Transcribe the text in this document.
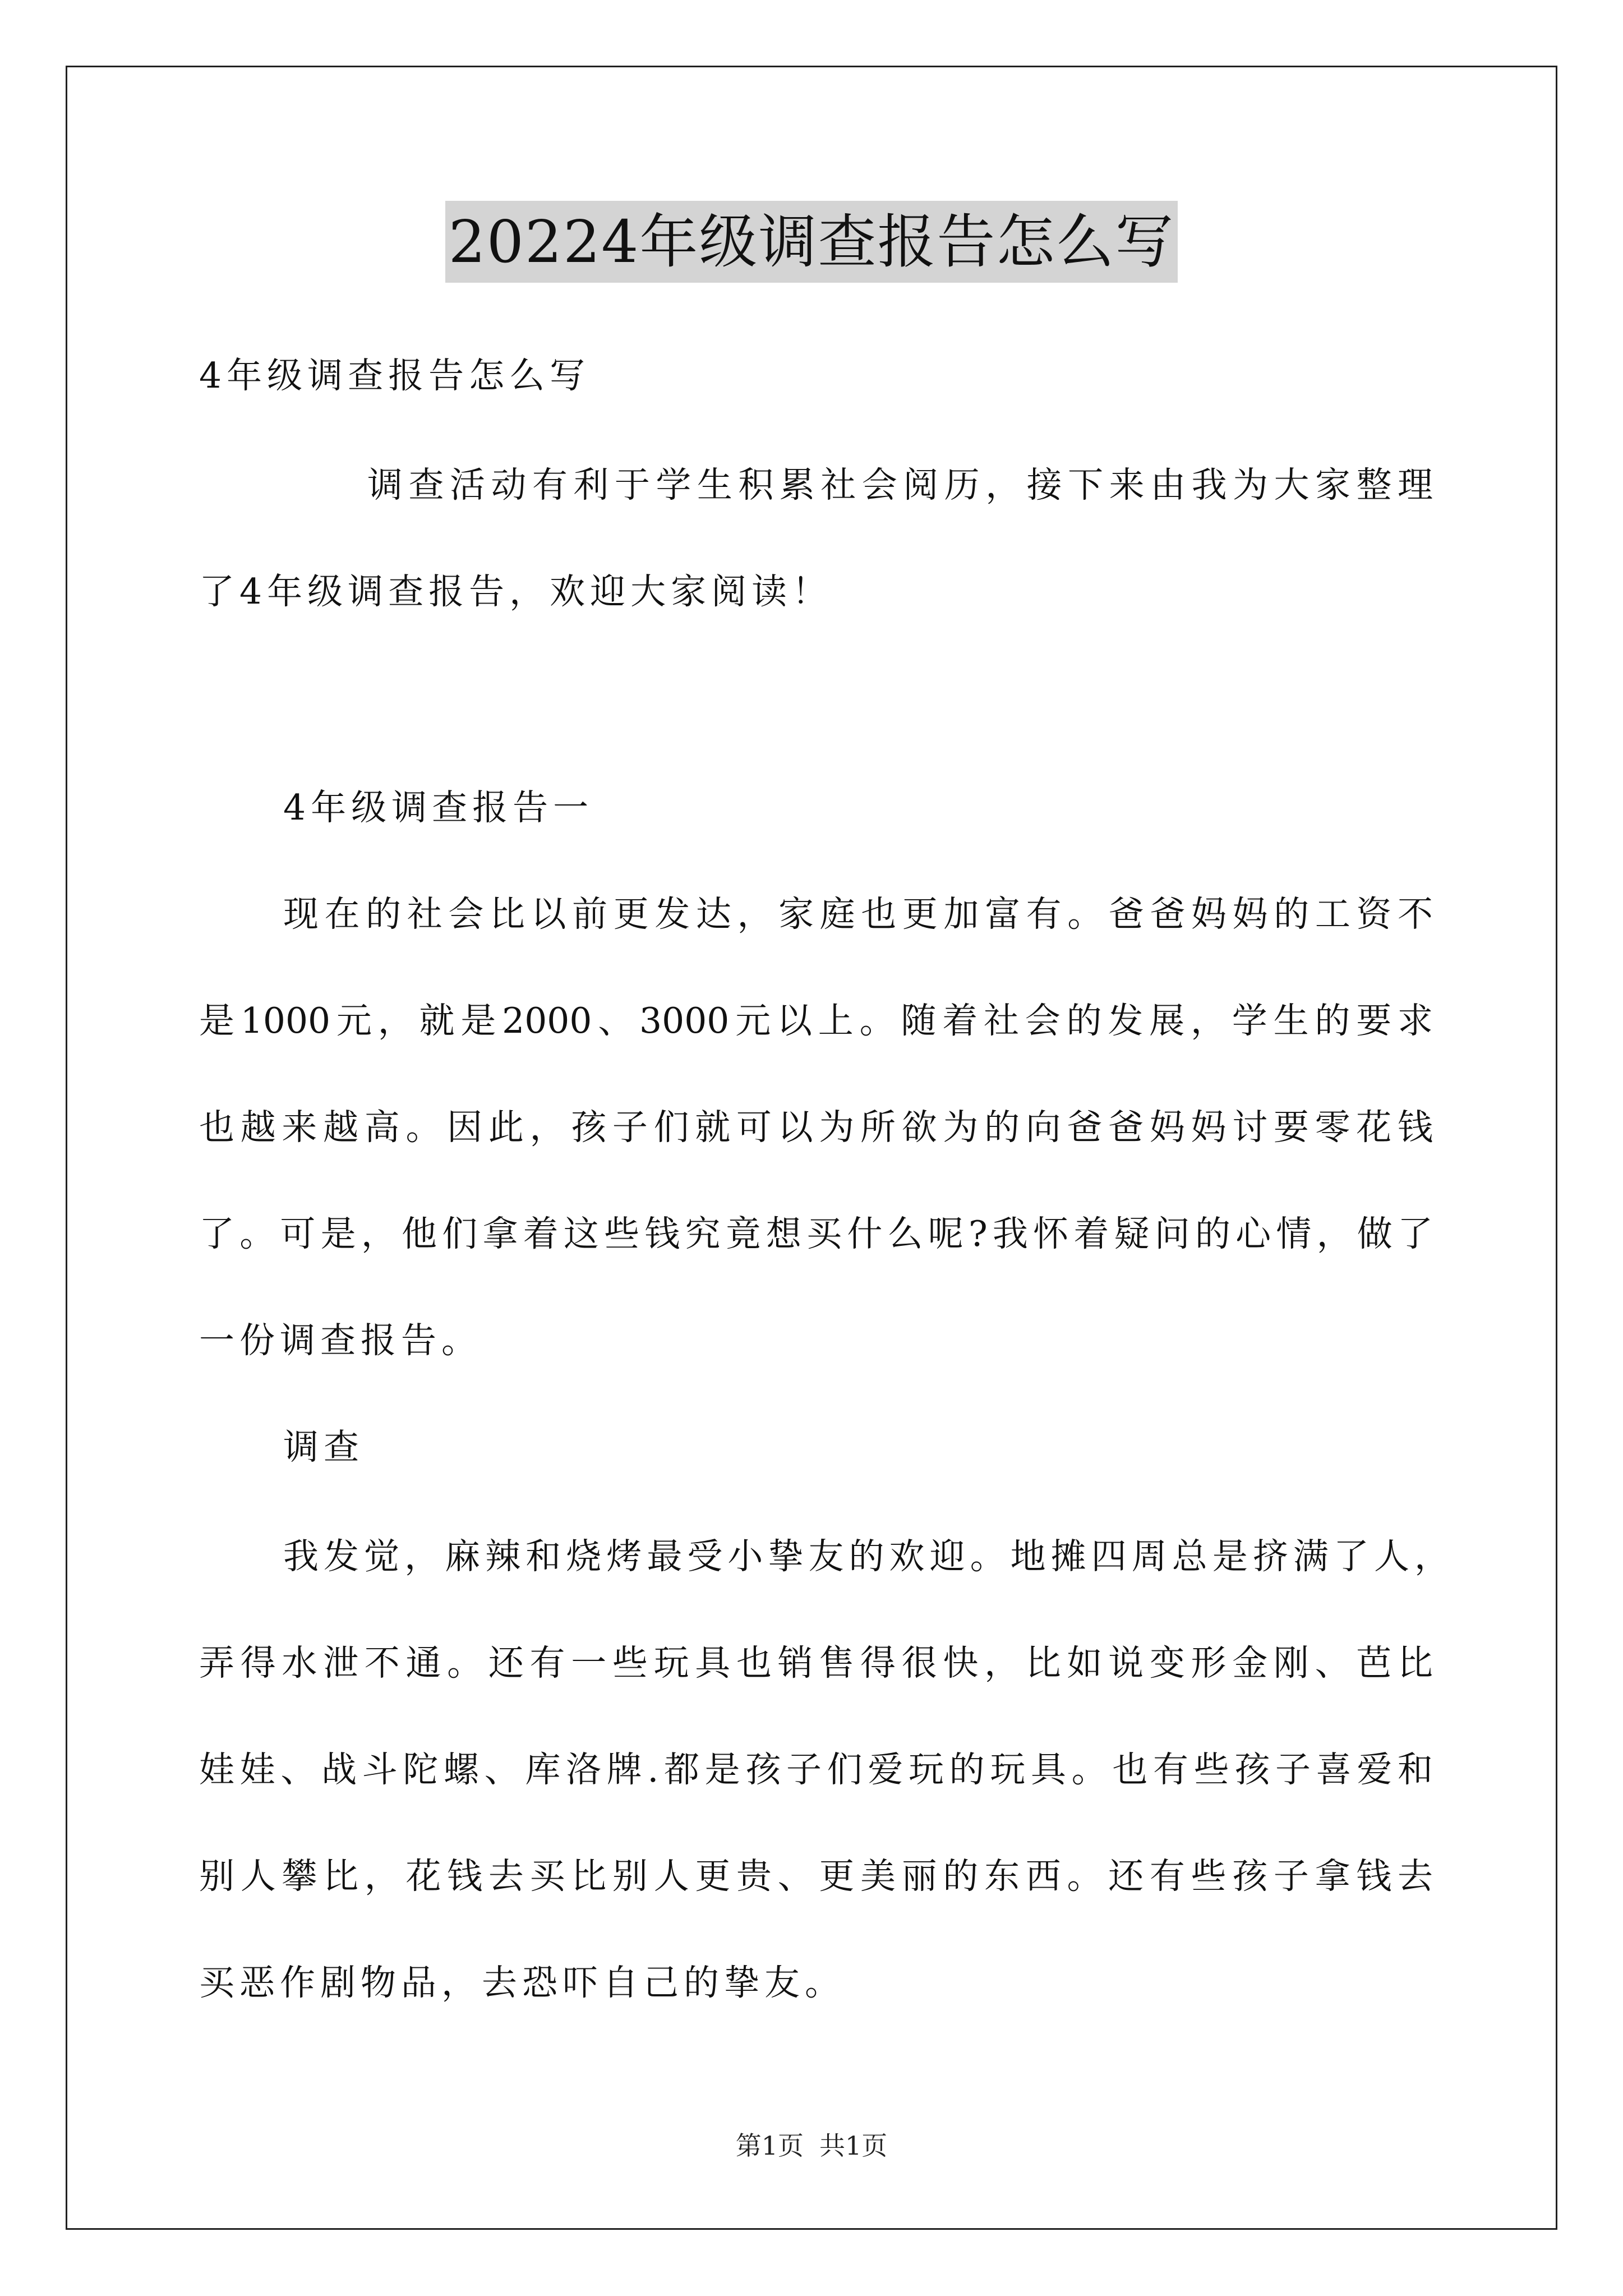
20224年级调查报告怎么写
4年级调查报告怎么写
调查活动有利于学生积累社会阅历，接下来由我为大家整理
了4年级调查报告，欢迎大家阅读！
4年级调查报告一
现在的社会比以前更发达，家庭也更加富有。爸爸妈妈的工资不
是1000元，就是2000、3000元以上。随着社会的发展，学生的要求
也越来越高。因此，孩子们就可以为所欲为的向爸爸妈妈讨要零花钱
了。可是，他们拿着这些钱究竟想买什么呢?我怀着疑问的心情，做了
一份调查报告。
调查
我发觉，麻辣和烧烤最受小挚友的欢迎。地摊四周总是挤满了人，
弄得水泄不通。还有一些玩具也销售得很快，比如说变形金刚、芭比
娃娃、战斗陀螺、库洛牌.都是孩子们爱玩的玩具。也有些孩子喜爱和
别人攀比，花钱去买比别人更贵、更美丽的东西。还有些孩子拿钱去
买恶作剧物品，去恐吓自己的挚友。
第1页 共1页
